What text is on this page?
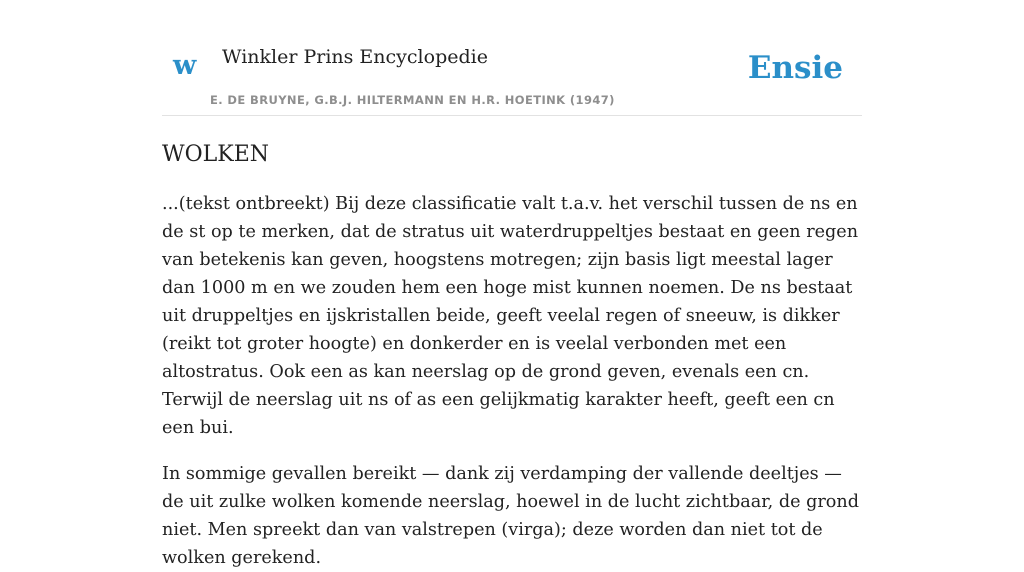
w Winkler Prins Encyclopedie
E. DE BRUYNE, G.B.J. HILTERMANN EN H.R. HOETINK (1947)
Ensie
WOLKEN

...(tekst ontbreekt) Bij deze classificatie valt t.a.v. het verschil tussen de ns en de st op te merken, dat de stratus uit waterdruppeltjes bestaat en geen regen van betekenis kan geven, hoogstens motregen; zijn basis ligt meestal lager dan 1000 m en we zouden hem een hoge mist kunnen noemen. De ns bestaat uit druppeltjes en ijskristallen beide, geeft veelal regen of sneeuw, is dikker (reikt tot groter hoogte) en donkerder en is veelal verbonden met een altostratus. Ook een as kan neerslag op de grond geven, evenals een cn. Terwijl de neerslag uit ns of as een gelijkmatig karakter heeft, geeft een cn een bui.

In sommige gevallen bereikt — dank zij verdamping der vallende deeltjes — de uit zulke wolken komende neerslag, hoewel in de lucht zichtbaar, de grond niet. Men spreekt dan van valstrepen (virga); deze worden dan niet tot de wolken gerekend.
